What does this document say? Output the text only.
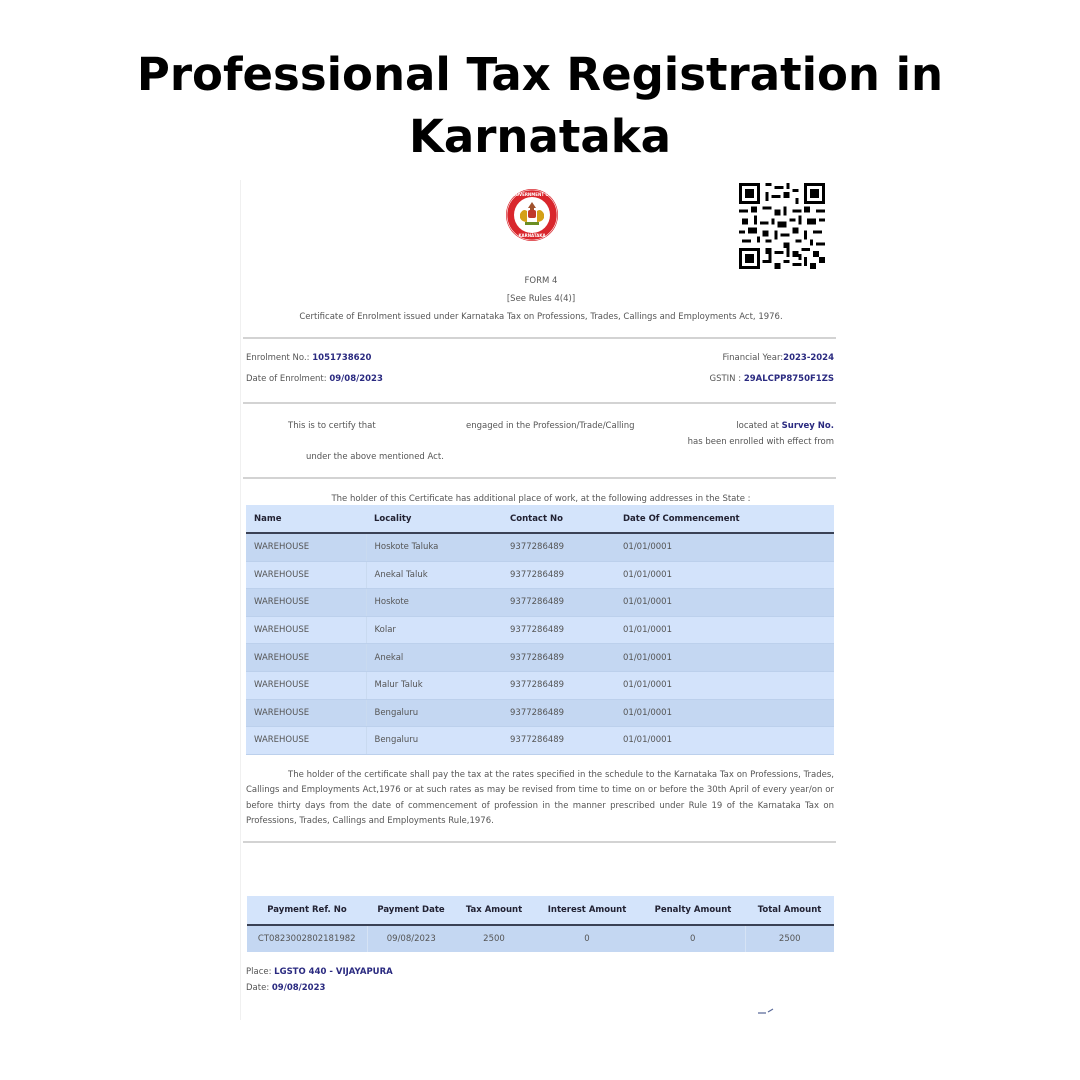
Professional Tax Registration in
Karnataka
GOVERNMENT OF
KARNATAKA
FORM 4
[See Rules 4(4)]
Certificate of Enrolment issued under Karnataka Tax on Professions, Trades, Callings and Employments Act, 1976.
Enrolment No.: 1051738620
Date of Enrolment: 09/08/2023
Financial Year:2023-2024
GSTIN : 29ALCPP8750F1ZS
This is to certify that	engaged in the Profession/Trade/Calling	located at Survey No.
has been enrolled with effect from
under the above mentioned Act.
The holder of this Certificate has additional place of work, at the following addresses in the State :
Name	Locality	Contact No	Date Of Commencement
WAREHOUSE	Hoskote Taluka	9377286489	01/01/0001
WAREHOUSE	Anekal Taluk	9377286489	01/01/0001
WAREHOUSE	Hoskote	9377286489	01/01/0001
WAREHOUSE	Kolar	9377286489	01/01/0001
WAREHOUSE	Anekal	9377286489	01/01/0001
WAREHOUSE	Malur Taluk	9377286489	01/01/0001
WAREHOUSE	Bengaluru	9377286489	01/01/0001
WAREHOUSE	Bengaluru	9377286489	01/01/0001
The holder of the certificate shall pay the tax at the rates specified in the schedule to the Karnataka Tax on Professions, Trades, Callings and Employments Act,1976 or at such rates as may be revised from time to time on or before the 30th April of every year/on or before thirty days from the date of commencement of profession in the manner prescribed under Rule 19 of the Karnataka Tax on Professions, Trades, Callings and Employments Rule,1976.
Payment Ref. No	Payment Date	Tax Amount	Interest Amount	Penalty Amount	Total Amount
CT0823002802181982	09/08/2023	2500	0	0	2500
Place: LGSTO 440 - VIJAYAPURA
Date: 09/08/2023
